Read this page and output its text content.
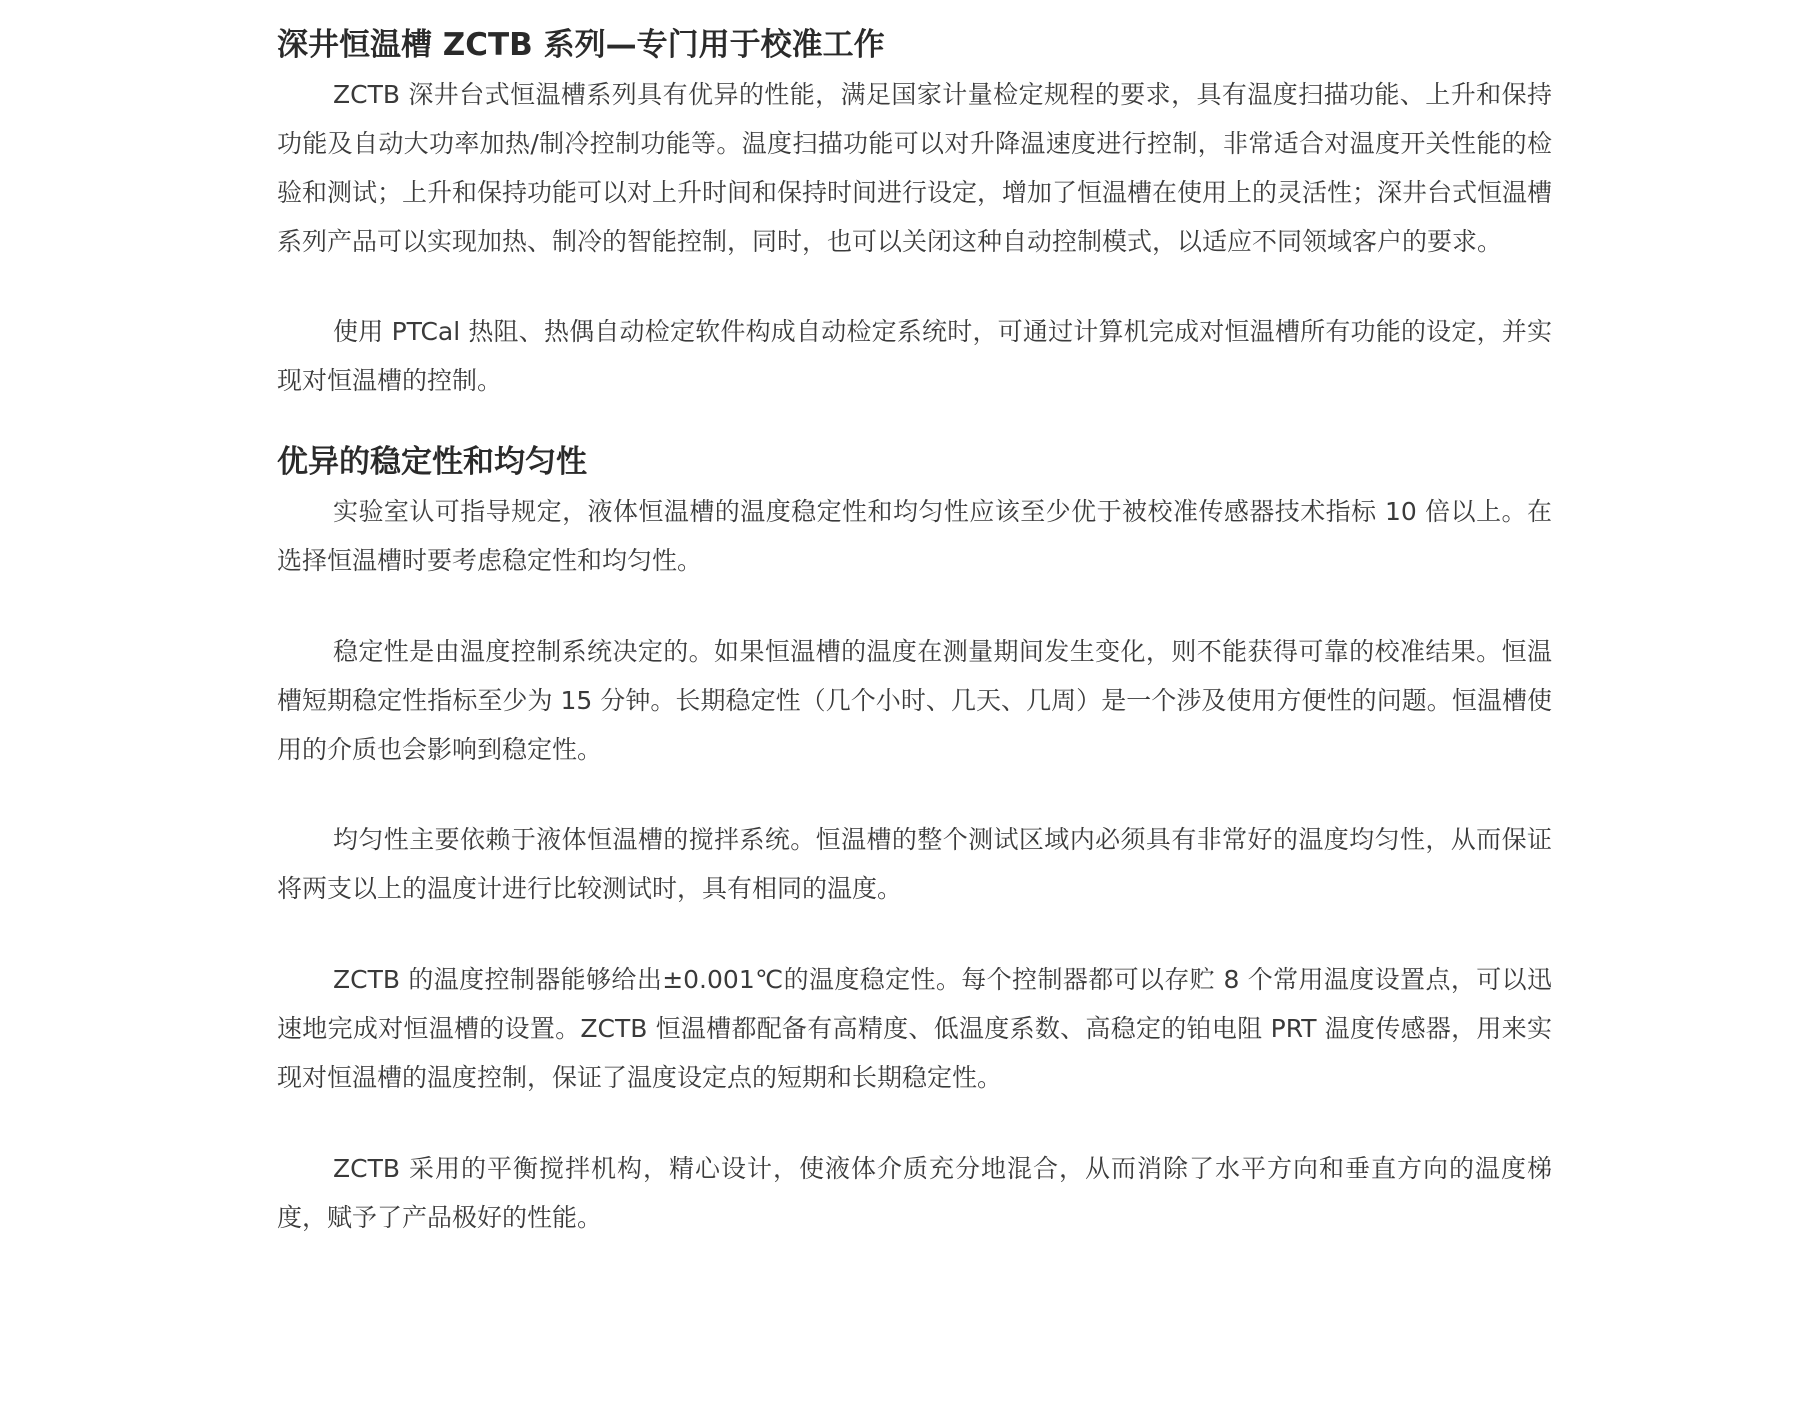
深井恒温槽 ZCTB 系列—专门用于校准工作

ZCTB 深井台式恒温槽系列具有优异的性能，满足国家计量检定规程的要求，具有温度扫描功能、上升和保持功能及自动大功率加热/制冷控制功能等。温度扫描功能可以对升降温速度进行控制，非常适合对温度开关性能的检验和测试；上升和保持功能可以对上升时间和保持时间进行设定，增加了恒温槽在使用上的灵活性；深井台式恒温槽系列产品可以实现加热、制冷的智能控制，同时，也可以关闭这种自动控制模式，以适应不同领域客户的要求。

使用 PTCal 热阻、热偶自动检定软件构成自动检定系统时，可通过计算机完成对恒温槽所有功能的设定，并实现对恒温槽的控制。

优异的稳定性和均匀性

实验室认可指导规定，液体恒温槽的温度稳定性和均匀性应该至少优于被校准传感器技术指标 10 倍以上。在选择恒温槽时要考虑稳定性和均匀性。

稳定性是由温度控制系统决定的。如果恒温槽的温度在测量期间发生变化，则不能获得可靠的校准结果。恒温槽短期稳定性指标至少为 15 分钟。长期稳定性（几个小时、几天、几周）是一个涉及使用方便性的问题。恒温槽使用的介质也会影响到稳定性。

均匀性主要依赖于液体恒温槽的搅拌系统。恒温槽的整个测试区域内必须具有非常好的温度均匀性，从而保证将两支以上的温度计进行比较测试时，具有相同的温度。

ZCTB 的温度控制器能够给出±0.001℃的温度稳定性。每个控制器都可以存贮 8 个常用温度设置点，可以迅速地完成对恒温槽的设置。ZCTB 恒温槽都配备有高精度、低温度系数、高稳定的铂电阻 PRT 温度传感器，用来实现对恒温槽的温度控制，保证了温度设定点的短期和长期稳定性。

ZCTB 采用的平衡搅拌机构，精心设计，使液体介质充分地混合，从而消除了水平方向和垂直方向的温度梯度，赋予了产品极好的性能。
